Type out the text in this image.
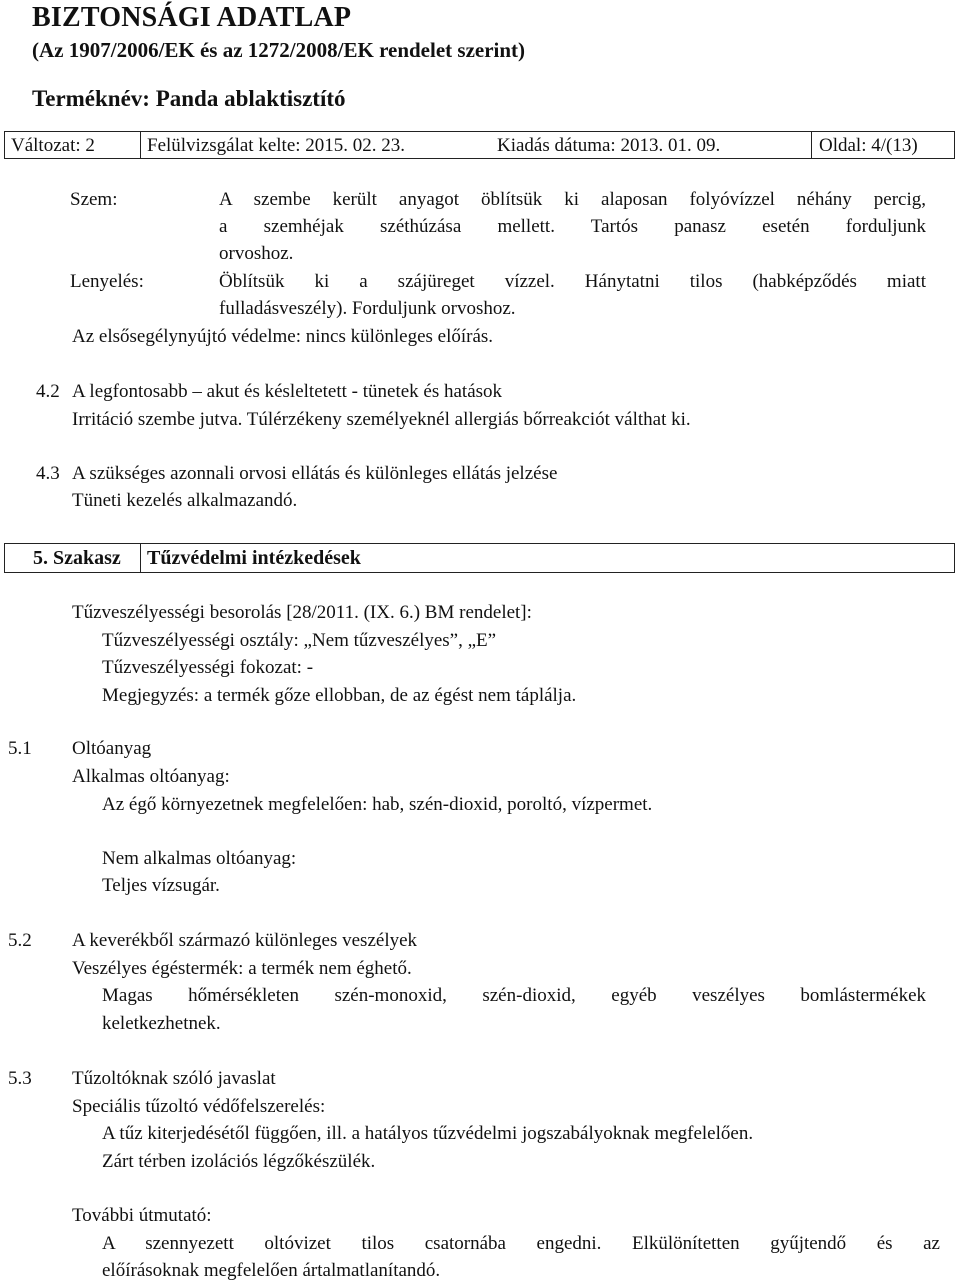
BIZTONSÁGI ADATLAP
(Az 1907/2006/EK és az 1272/2008/EK rendelet szerint)
Terméknév: Panda ablaktisztító
Változat: 2	Felülvizsgálat kelte: 2015. 02. 23.	Kiadás dátuma: 2013. 01. 09.	Oldal: 4/(13)
Szem:	A szembe került anyagot öblítsük ki alaposan folyóvízzel néhány percig,
a szemhéjak széthúzása mellett. Tartós panasz esetén forduljunk
orvoshoz.
Lenyelés:	Öblítsük ki a szájüreget vízzel. Hánytatni tilos (habképződés miatt
fulladásveszély). Forduljunk orvoshoz.
Az elsősegélynyújtó védelme: nincs különleges előírás.
4.2 A legfontosabb – akut és késleltetett - tünetek és hatások
Irritáció szembe jutva. Túlérzékeny személyeknél allergiás bőrreakciót válthat ki.
4.3 A szükséges azonnali orvosi ellátás és különleges ellátás jelzése
Tüneti kezelés alkalmazandó.
5. Szakasz Tűzvédelmi intézkedések
Tűzveszélyességi besorolás [28/2011. (IX. 6.) BM rendelet]:
Tűzveszélyességi osztály: „Nem tűzveszélyes”, „E”
Tűzveszélyességi fokozat: -
Megjegyzés: a termék gőze ellobban, de az égést nem táplálja.
5.1 Oltóanyag
Alkalmas oltóanyag:
Az égő környezetnek megfelelően: hab, szén-dioxid, poroltó, vízpermet.
Nem alkalmas oltóanyag:
Teljes vízsugár.
5.2 A keverékből származó különleges veszélyek
Veszélyes égéstermék: a termék nem éghető.
Magas hőmérsékleten szén-monoxid, szén-dioxid, egyéb veszélyes bomlástermékek
keletkezhetnek.
5.3 Tűzoltóknak szóló javaslat
Speciális tűzoltó védőfelszerelés:
A tűz kiterjedésétől függően, ill. a hatályos tűzvédelmi jogszabályoknak megfelelően.
Zárt térben izolációs légzőkészülék.
További útmutató:
A szennyezett oltóvizet tilos csatornába engedni. Elkülönítetten gyűjtendő és az
előírásoknak megfelelően ártalmatlanítandó.
